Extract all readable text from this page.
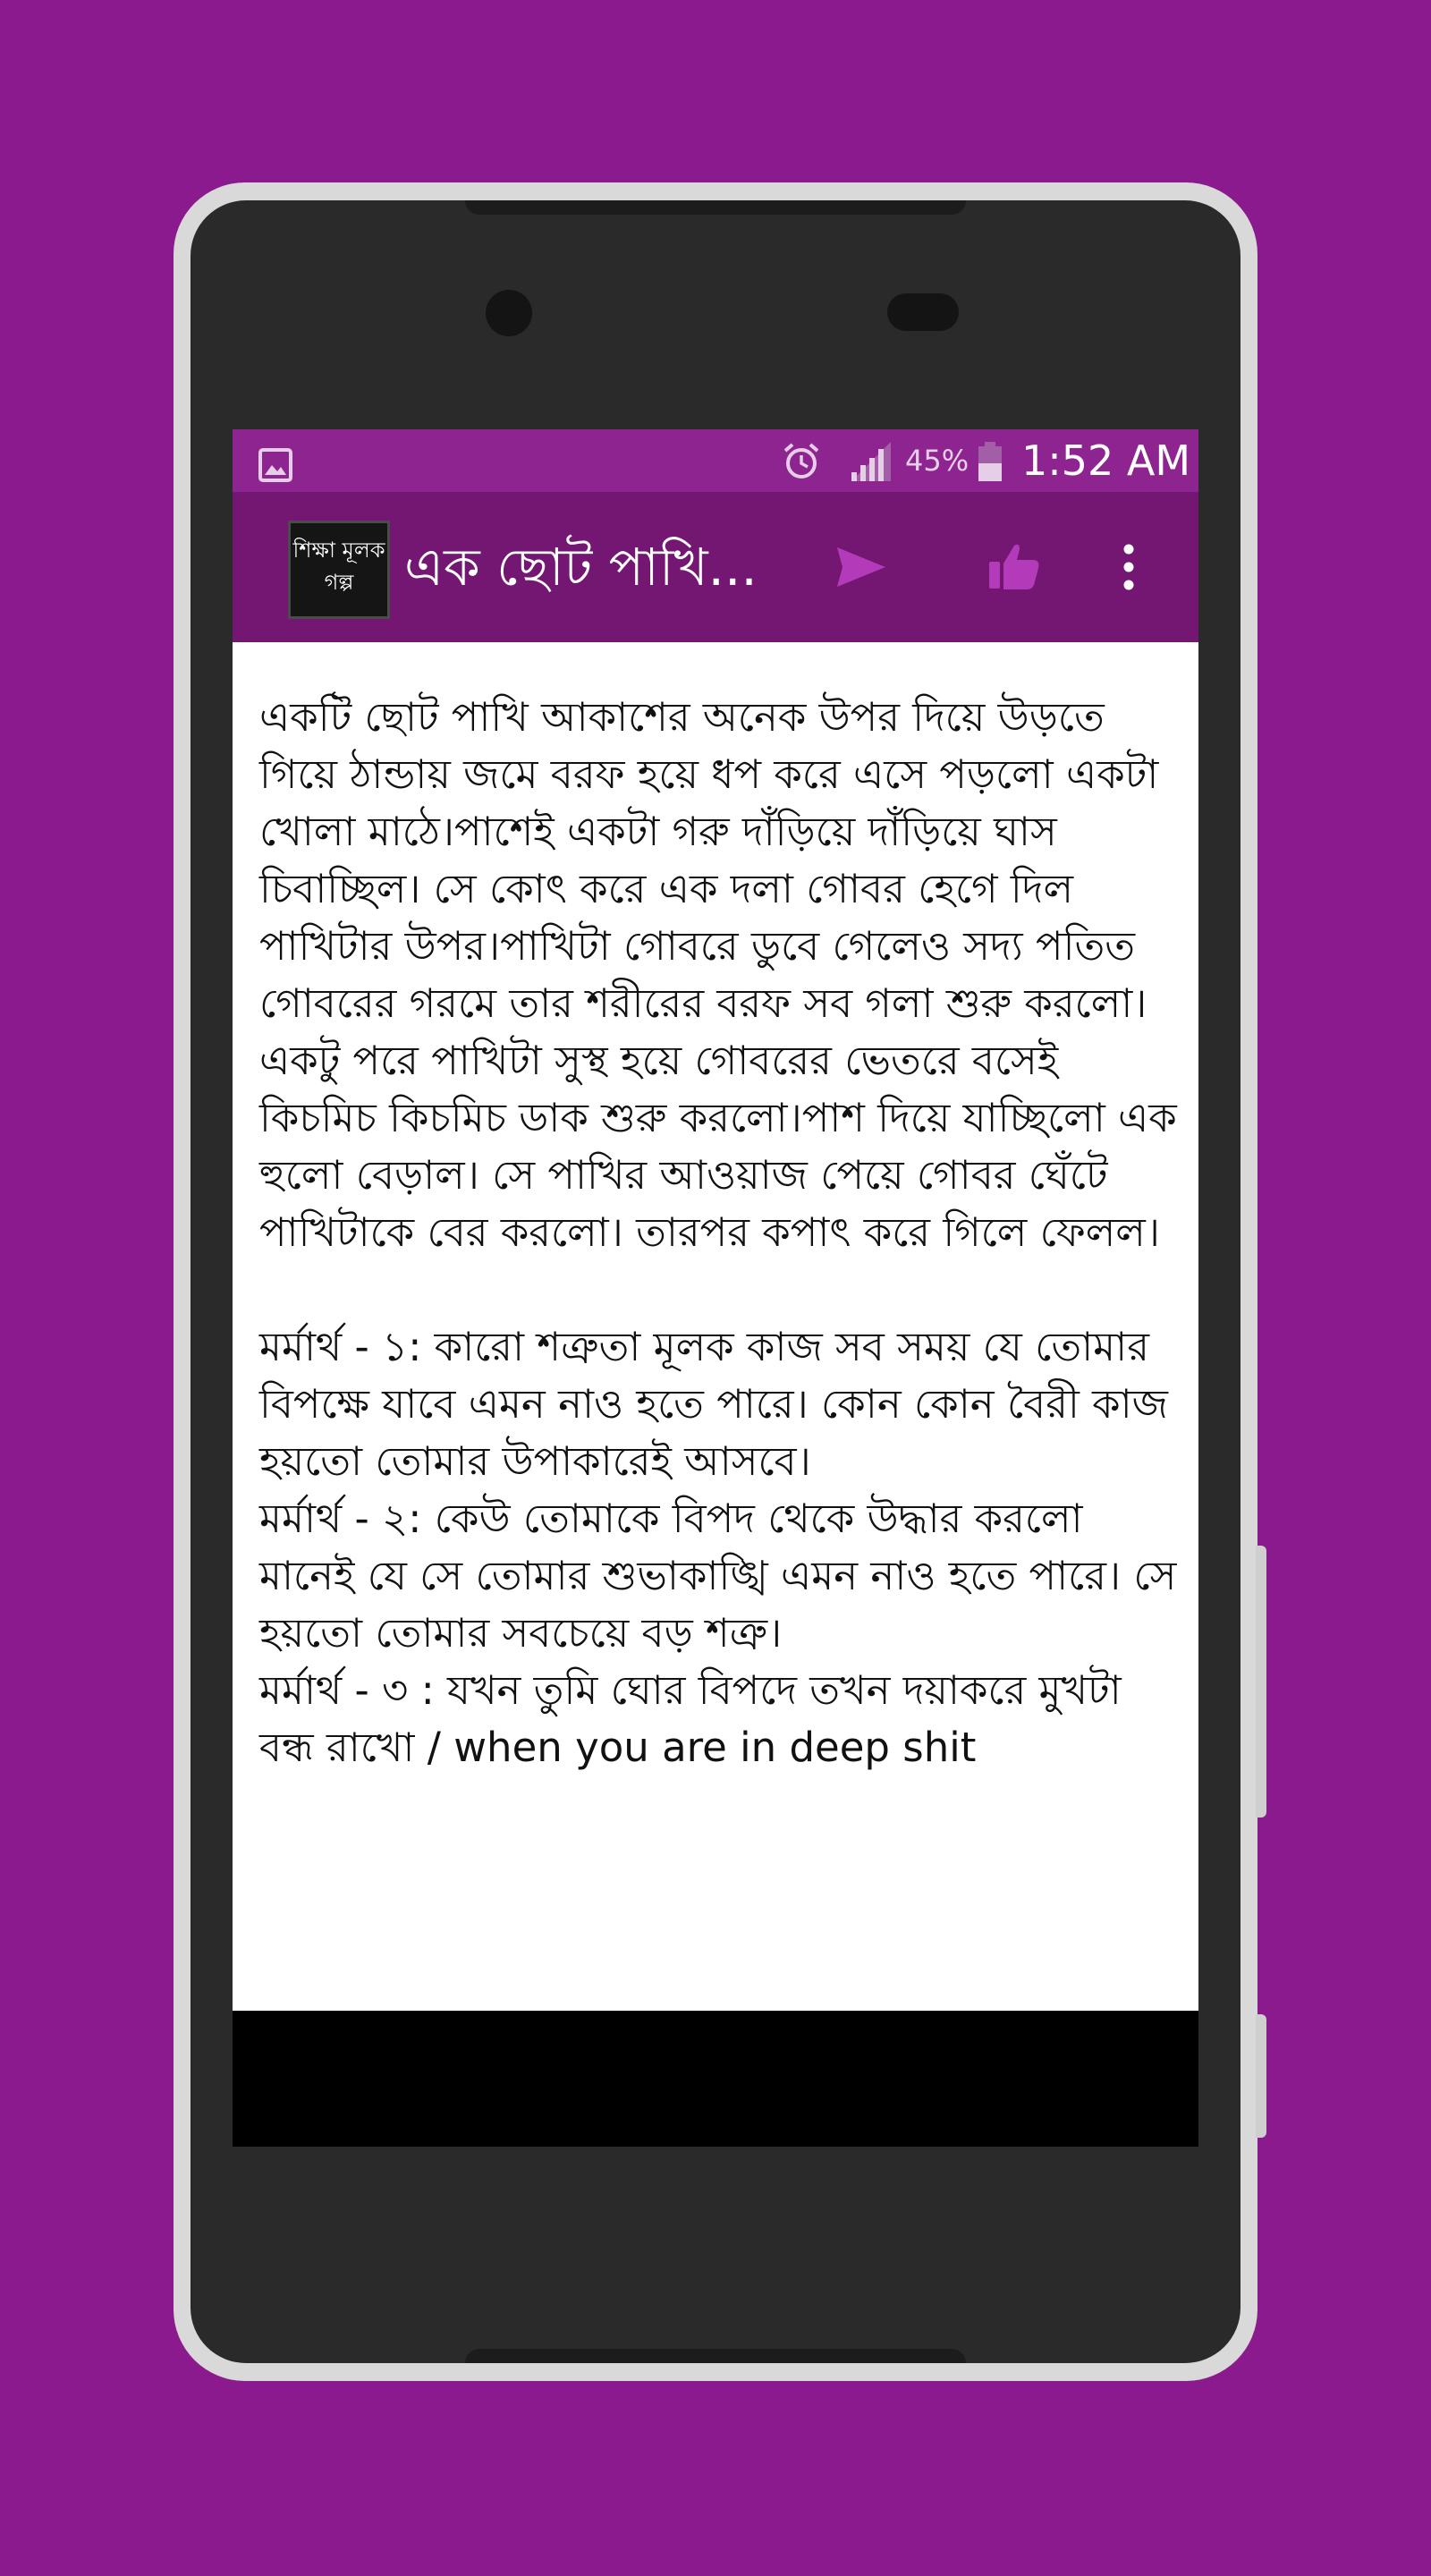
45% 1:52 AM
শিক্ষা মূলক
গল্প এক ছোট পাখি...

একটি ছোট পাখি আকাশের অনেক উপর দিয়ে উড়তে গিয়ে ঠান্ডায় জমে বরফ হয়ে ধপ করে এসে পড়লো একটা খোলা মাঠে।পাশেই একটা গরু দাঁড়িয়ে দাঁড়িয়ে ঘাস চিবাচ্ছিল। সে কোৎ করে এক দলা গোবর হেগে দিল পাখিটার উপর।পাখিটা গোবরে ডুবে গেলেও সদ্য পতিত গোবরের গরমে তার শরীরের বরফ সব গলা শুরু করলো।একটু পরে পাখিটা সুস্থ হয়ে গোবরের ভেতরে বসেই কিচমিচ কিচমিচ ডাক শুরু করলো।পাশ দিয়ে যাচ্ছিলো এক হুলো বেড়াল। সে পাখির আওয়াজ পেয়ে গোবর ঘেঁটে পাখিটাকে বের করলো। তারপর কপাৎ করে গিলে ফেলল।

মর্মার্থ - ১: কারো শত্রুতা মূলক কাজ সব সময় যে তোমার বিপক্ষে যাবে এমন নাও হতে পারে। কোন কোন বৈরী কাজ হয়তো তোমার উপাকারেই আসবে।

মর্মার্থ - ২: কেউ তোমাকে বিপদ থেকে উদ্ধার করলো মানেই যে সে তোমার শুভাকাঙ্খি এমন নাও হতে পারে। সে হয়তো তোমার সবচেয়ে বড় শত্রু।

মর্মার্থ - ৩ : যখন তুমি ঘোর বিপদে তখন দয়াকরে মুখটা বন্ধ রাখো / when you are in deep shit
